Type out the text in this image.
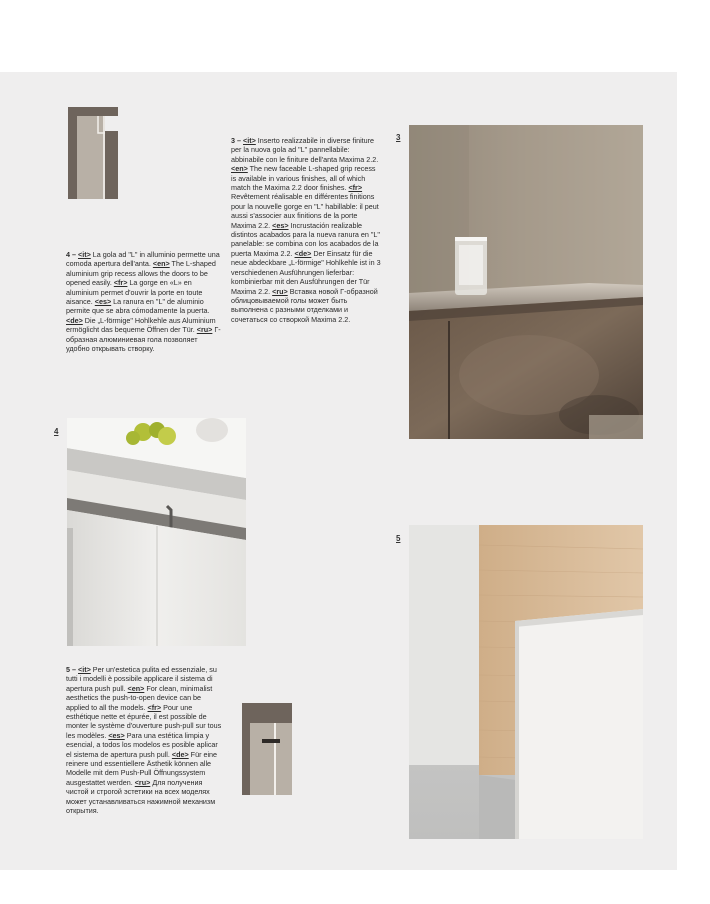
4 – <it> La gola ad "L" in alluminio permette una comoda apertura dell'anta. <en> The L-shaped aluminium grip recess allows the doors to be opened easily. <fr> La gorge en «L» en aluminium permet d'ouvrir la porte en toute aisance. <es> La ranura en "L" de aluminio permite que se abra cómodamente la puerta. <de> Die „L-förmige" Hohlkehle aus Aluminium ermöglicht das bequeme Öffnen der Tür. <ru> Г-образная алюминиевая гола позволяет удобно открывать створку.
3 – <it> Inserto realizzabile in diverse finiture per la nuova gola ad "L" pannellabile: abbinabile con le finiture dell'anta Maxima 2.2. <en> The new faceable L-shaped grip recess is available in various finishes, all of which match the Maxima 2.2 door finishes. <fr> Revêtement réalisable en différentes finitions pour la nouvelle gorge en "L" habillable: il peut aussi s'associer aux finitions de la porte Maxima 2.2. <es> Incrustación realizable distintos acabados para la nueva ranura en "L" panelable: se combina con los acabados de la puerta Maxima 2.2. <de> Der Einsatz für die neue abdeckbare „L-förmige" Hohlkehle ist in 3 verschiedenen Ausführungen lieferbar: kombinierbar mit den Ausführungen der Tür Maxima 2.2. <ru> Вставка новой Г-образной облицовываемой голы может быть выполнена с разными отделками и сочетаться со створкой Maxima 2.2.
3
4
5
5 – <it> Per un'estetica pulita ed essenziale, su tutti i modelli è possibile applicare il sistema di apertura push pull. <en> For clean, minimalist aesthetics the push-to-open device can be applied to all the models. <fr> Pour une esthétique nette et épurée, il est possible de monter le système d'ouverture push-pull sur tous les modèles. <es> Para una estética limpia y esencial, a todos los modelos es posible aplicar el sistema de apertura push pull. <de> Für eine reinere und essentiellere Ästhetik können alle Modelle mit dem Push-Pull Öffnungssystem ausgestattet werden. <ru> Для получения чистой и строгой эстетики на всех моделях может устанавливаться нажимной механизм открытия.
